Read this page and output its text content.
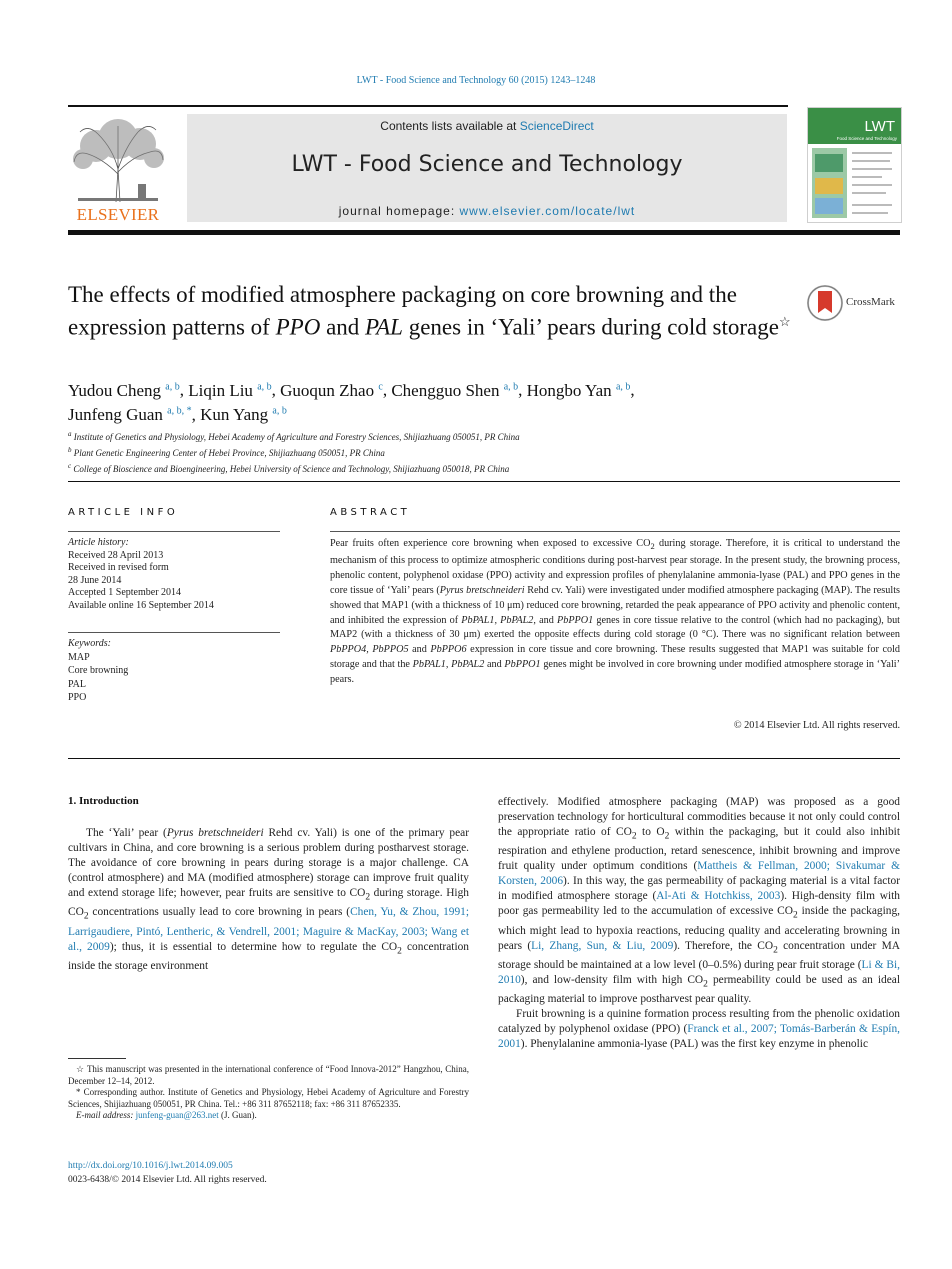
LWT - Food Science and Technology 60 (2015) 1243–1248
ELSEVIER
Contents lists available at ScienceDirect
LWT - Food Science and Technology
journal homepage: www.elsevier.com/locate/lwt
LWT
Food Science and Technology
The effects of modified atmosphere packaging on core browning and the expression patterns of PPO and PAL genes in ‘Yali’ pears during cold storage☆
CrossMark
Yudou Cheng $^{a, b}$, Liqin Liu $^{a, b}$, Guoqun Zhao $^c$, Chengguo Shen $^{a, b}$, Hongbo Yan $^{a, b}$,
Junfeng Guan $^{a, b, *}$, Kun Yang $^{a, b}$
$^a$ Institute of Genetics and Physiology, Hebei Academy of Agriculture and Forestry Sciences, Shijiazhuang 050051, PR China
$^b$ Plant Genetic Engineering Center of Hebei Province, Shijiazhuang 050051, PR China
$^c$ College of Bioscience and Bioengineering, Hebei University of Science and Technology, Shijiazhuang 050018, PR China
ARTICLE INFO
Article history:
Received 28 April 2013
Received in revised form
28 June 2014
Accepted 1 September 2014
Available online 16 September 2014
Keywords:
MAP
Core browning
PAL
PPO
ABSTRACT
Pear fruits often experience core browning when exposed to excessive $CO_2$ during storage. Therefore, it is critical to understand the mechanism of this process to optimize atmospheric conditions during post-harvest pear storage. In the present study, the browning process, phenolic content, polyphenol oxidase (PPO) activity and expression profiles of phenylalanine ammonia-lyase (PAL) and PPO genes in the core tissue of ‘Yali’ pears (Pyrus bretschneideri Rehd cv. Yali) were investigated under modified atmosphere packaging (MAP). The results showed that MAP1 (with a thickness of 10 μm) reduced core browning, retarded the peak appearance of PPO activity and phenolic content, and inhibited the expression of PbPAL1, PbPAL2, and PbPPO1 genes in core tissue relative to the control (which had no packaging), but MAP2 (with a thickness of 30 μm) exerted the opposite effects during cold storage (0 °C). There was no significant relation between PbPPO4, PbPPO5 and PbPPO6 expression in core tissue and core browning. These results suggested that MAP1 was suitable for cold storage and that the PbPAL1, PbPAL2 and PbPPO1 genes might be involved in core browning under modified atmosphere storage in ‘Yali’ pears.
© 2014 Elsevier Ltd. All rights reserved.
1. Introduction

The ‘Yali’ pear (Pyrus bretschneideri Rehd cv. Yali) is one of the primary pear cultivars in China, and core browning is a serious problem during postharvest storage. The avoidance of core browning in pears during storage is a major challenge. CA (control atmosphere) and MA (modified atmosphere) storage can improve fruit quality and extend storage life; however, pear fruits are sensitive to $CO_2$ during storage. High $CO_2$ concentrations usually lead to core browning in pears (Chen, Yu, & Zhou, 1991; Larrigaudiere, Pintó, Lentheric, & Vendrell, 2001; Maguire & MacKay, 2003; Wang et al., 2009); thus, it is essential to determine how to regulate the $CO_2$ concentration inside the storage environment

effectively. Modified atmosphere packaging (MAP) was proposed as a good preservation technology for horticultural commodities because it not only could control the appropriate ratio of $CO_2$ to $O_2$ within the packaging, but it could also inhibit respiration and ethylene production, retard senescence, inhibit browning and improve fruit quality under optimum conditions (Mattheis & Fellman, 2000; Sivakumar & Korsten, 2006). In this way, the gas permeability of packaging material is a vital factor in modified atmosphere storage (Al-Ati & Hotchkiss, 2003). High-density film with poor gas permeability led to the accumulation of excessive $CO_2$ inside the packaging, which might lead to hypoxia reactions, reducing quality and accelerating browning in pears (Li, Zhang, Sun, & Liu, 2009). Therefore, the $CO_2$ concentration under MA storage should be maintained at a low level (0–0.5%) during pear fruit storage (Li & Bi, 2010), and low-density film with high $CO_2$ permeability could be used as an ideal packaging material to improve postharvest pear quality.

Fruit browning is a quinine formation process resulting from the phenolic oxidation catalyzed by polyphenol oxidase (PPO) (Franck et al., 2007; Tomás-Barberán & Espín, 2001). Phenylalanine ammonia-lyase (PAL) was the first key enzyme in phenolic

☆ This manuscript was presented in the international conference of “Food Innova-2012” Hangzhou, China, December 12–14, 2012.

* Corresponding author. Institute of Genetics and Physiology, Hebei Academy of Agriculture and Forestry Sciences, Shijiazhuang 050051, PR China. Tel.: +86 311 87652118; fax: +86 311 87652335.

E-mail address: junfeng-guan@263.net (J. Guan).

http://dx.doi.org/10.1016/j.lwt.2014.09.005
0023-6438/© 2014 Elsevier Ltd. All rights reserved.
